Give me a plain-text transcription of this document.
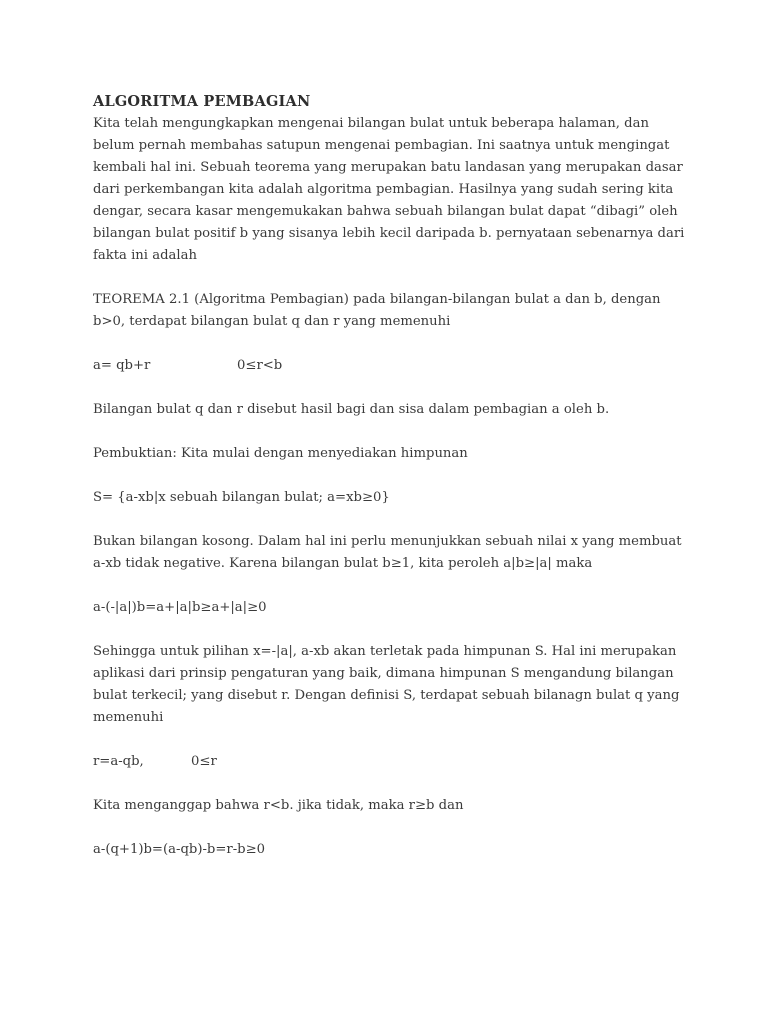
ALGORITMA PEMBAGIAN

Kita telah mengungkapkan mengenai bilangan bulat untuk beberapa halaman, dan belum pernah membahas satupun mengenai pembagian. Ini saatnya untuk mengingat kembali hal ini. Sebuah teorema yang merupakan batu landasan yang merupakan dasar dari perkembangan kita adalah algoritma pembagian. Hasilnya yang sudah sering kita dengar, secara kasar mengemukakan bahwa sebuah bilangan bulat dapat “dibagi” oleh bilangan bulat positif b yang sisanya lebih kecil daripada b. pernyataan sebenarnya dari fakta ini adalah

TEOREMA 2.1 (Algoritma Pembagian) pada bilangan-bilangan bulat a dan b, dengan b>0, terdapat bilangan bulat q dan r yang memenuhi

a= qb+r	0≤r<b

Bilangan bulat q dan r disebut hasil bagi dan sisa dalam pembagian a oleh b.

Pembuktian: Kita mulai dengan menyediakan himpunan

S= {a-xb|x sebuah bilangan bulat; a=xb≥0}

Bukan bilangan kosong. Dalam hal ini perlu menunjukkan sebuah nilai x yang membuat a-xb tidak negative. Karena bilangan bulat b≥1, kita peroleh a|b≥|a| maka

a-(-|a|)b=a+|a|b≥a+|a|≥0

Sehingga untuk pilihan x=-|a|, a-xb akan terletak pada himpunan S. Hal ini merupakan aplikasi dari prinsip pengaturan yang baik, dimana himpunan S mengandung bilangan bulat terkecil; yang disebut r. Dengan definisi S, terdapat sebuah bilanagn bulat q yang memenuhi

r=a-qb,	0≤r

Kita menganggap bahwa r<b. jika tidak, maka r≥b dan

a-(q+1)b=(a-qb)-b=r-b≥0
